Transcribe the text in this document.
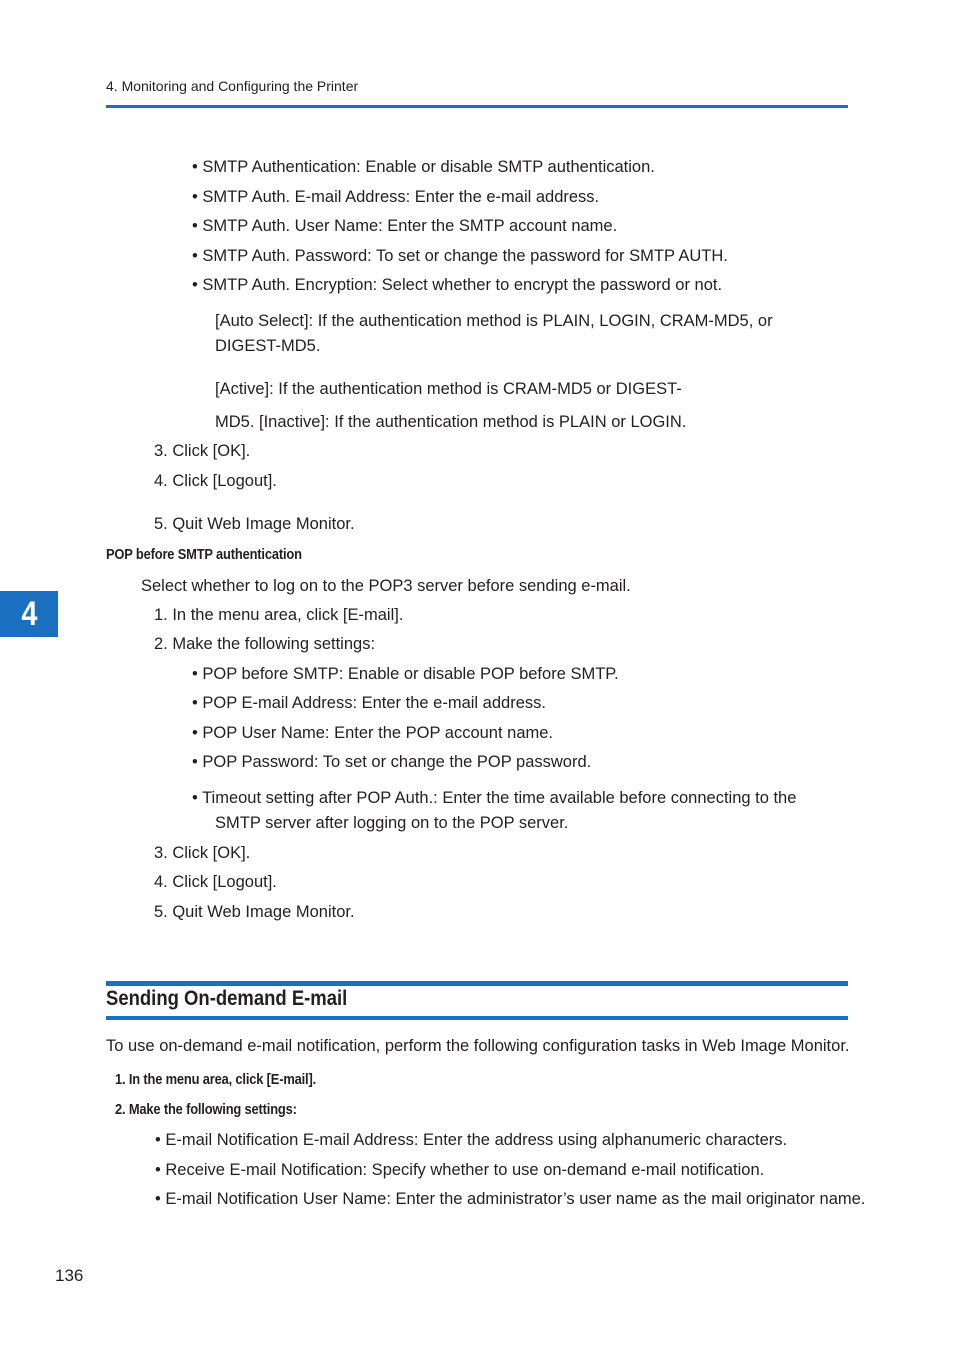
4. Monitoring and Configuring the Printer
• SMTP Authentication: Enable or disable SMTP authentication.
• SMTP Auth. E-mail Address: Enter the e-mail address.
• SMTP Auth. User Name: Enter the SMTP account name.
• SMTP Auth. Password: To set or change the password for SMTP AUTH.
• SMTP Auth. Encryption: Select whether to encrypt the password or not.
[Auto Select]: If the authentication method is PLAIN, LOGIN, CRAM-MD5, or
DIGEST-MD5.
[Active]: If the authentication method is CRAM-MD5 or DIGEST-
MD5. [Inactive]: If the authentication method is PLAIN or LOGIN.
3. Click [OK].
4. Click [Logout].
5. Quit Web Image Monitor.
POP before SMTP authentication
Select whether to log on to the POP3 server before sending e-mail.
1. In the menu area, click [E-mail].
2. Make the following settings:
• POP before SMTP: Enable or disable POP before SMTP.
• POP E-mail Address: Enter the e-mail address.
• POP User Name: Enter the POP account name.
• POP Password: To set or change the POP password.
• Timeout setting after POP Auth.: Enter the time available before connecting to the
SMTP server after logging on to the POP server.
3. Click [OK].
4. Click [Logout].
5. Quit Web Image Monitor.
4
Sending On-demand E-mail
To use on-demand e-mail notification, perform the following configuration tasks in Web Image Monitor.
1. In the menu area, click [E-mail].
2. Make the following settings:
• E-mail Notification E-mail Address: Enter the address using alphanumeric characters.
• Receive E-mail Notification: Specify whether to use on-demand e-mail notification.
• E-mail Notification User Name: Enter the administrator’s user name as the mail originator name.
136
